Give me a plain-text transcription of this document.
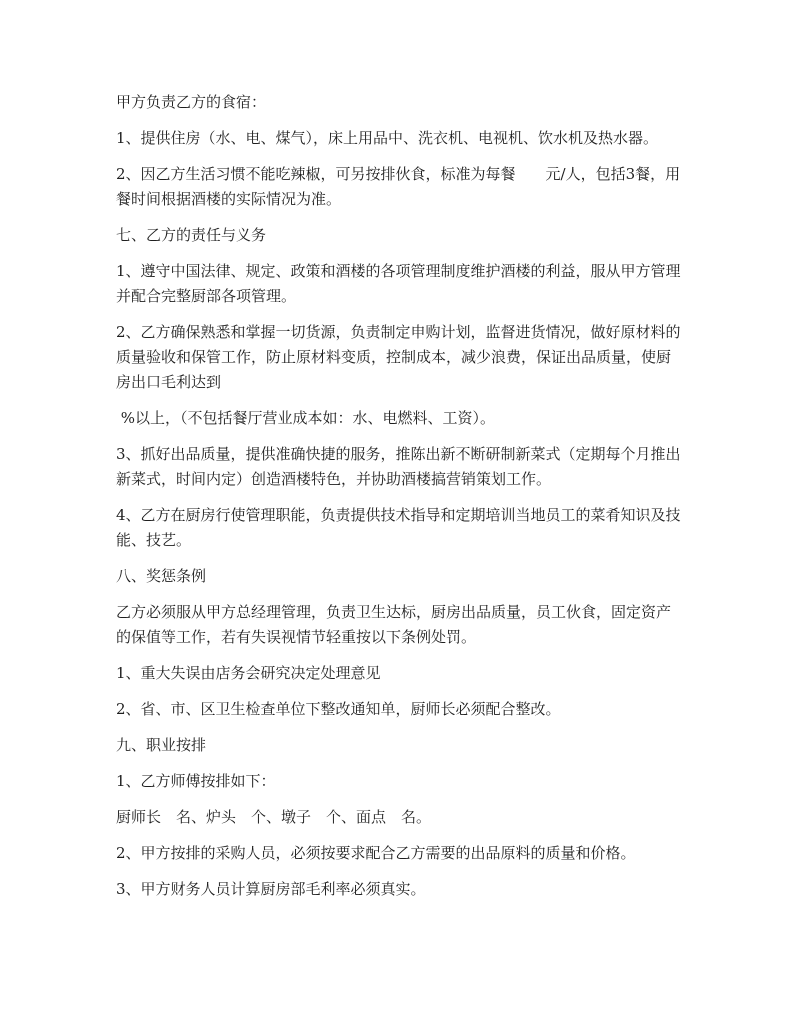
甲方负责乙方的食宿：

1、提供住房（水、电、煤气），床上用品中、洗衣机、电视机、饮水机及热水器。

2、因乙方生活习惯不能吃辣椒，可另按排伙食，标准为每餐　　元/人，包括3餐，用餐时间根据酒楼的实际情况为准。

七、乙方的责任与义务

1、遵守中国法律、规定、政策和酒楼的各项管理制度维护酒楼的利益，服从甲方管理并配合完整厨部各项管理。

2、乙方确保熟悉和掌握一切货源，负责制定申购计划，监督进货情况，做好原材料的质量验收和保管工作，防止原材料变质，控制成本，减少浪费，保证出品质量，使厨房出口毛利达到

%以上，（不包括餐厅营业成本如：水、电燃料、工资）。

3、抓好出品质量，提供准确快捷的服务，推陈出新不断研制新菜式（定期每个月推出新菜式，时间内定）创造酒楼特色，并协助酒楼搞营销策划工作。

4、乙方在厨房行使管理职能，负责提供技术指导和定期培训当地员工的菜肴知识及技能、技艺。

八、奖惩条例

乙方必须服从甲方总经理管理，负责卫生达标，厨房出品质量，员工伙食，固定资产的保值等工作，若有失误视情节轻重按以下条例处罚。

1、重大失误由店务会研究决定处理意见

2、省、市、区卫生检查单位下整改通知单，厨师长必须配合整改。

九、职业按排

1、乙方师傅按排如下：

厨师长　名、炉头　个、墩子　个、面点　名。

2、甲方按排的采购人员，必须按要求配合乙方需要的出品原料的质量和价格。

3、甲方财务人员计算厨房部毛利率必须真实。
